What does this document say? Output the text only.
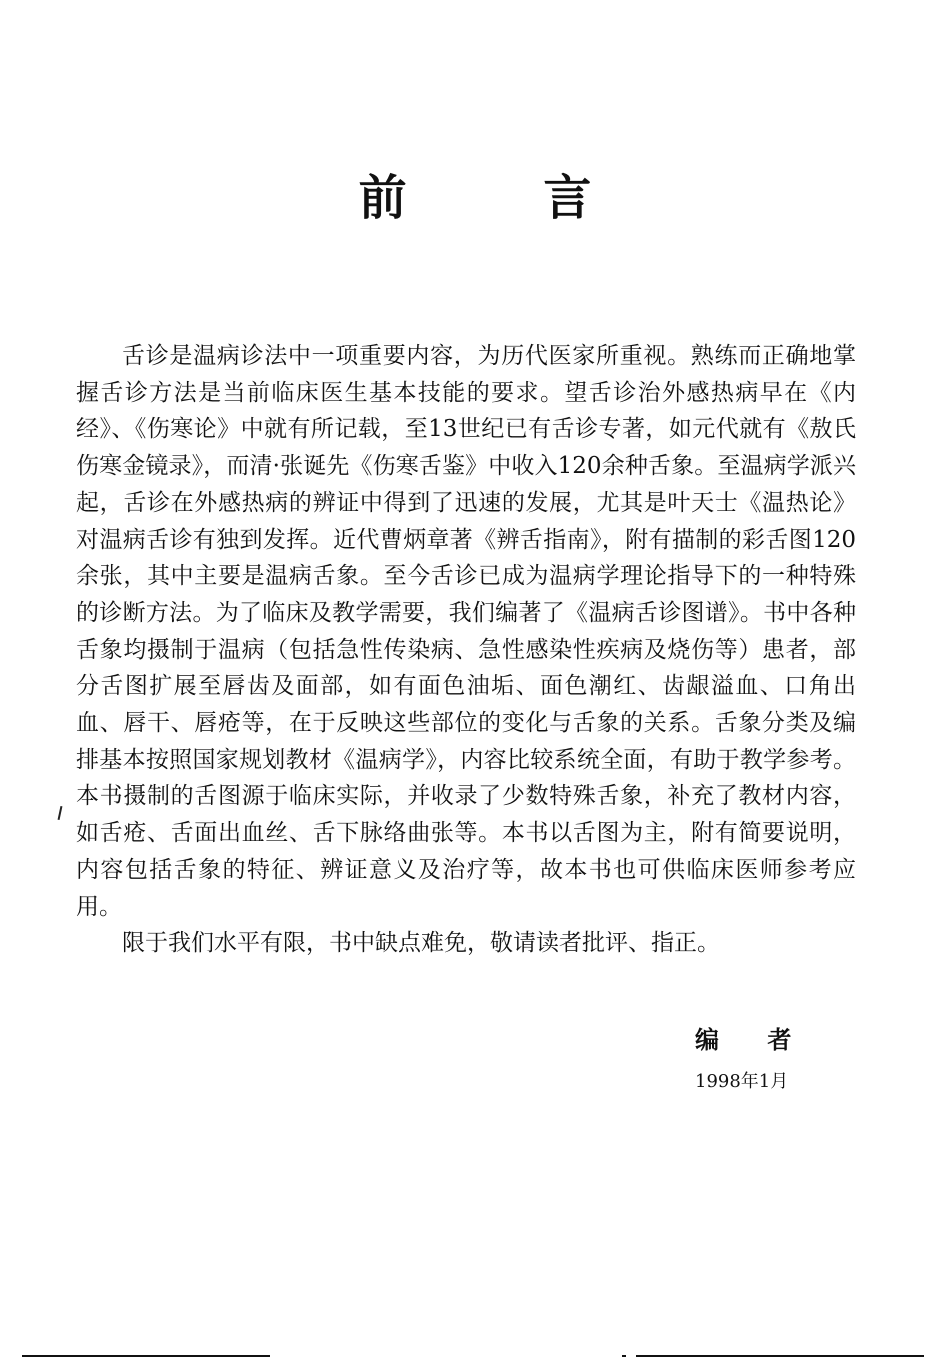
前 言

舌诊是温病诊法中一项重要内容，为历代医家所重视。熟练而正确地掌握舌诊方法是当前临床医生基本技能的要求。望舌诊治外感热病早在《内经》、《伤寒论》中就有所记载，至13世纪已有舌诊专著，如元代就有《敖氏伤寒金镜录》，而清·张诞先《伤寒舌鉴》中收入120余种舌象。至温病学派兴起，舌诊在外感热病的辨证中得到了迅速的发展，尤其是叶天士《温热论》对温病舌诊有独到发挥。近代曹炳章著《辨舌指南》，附有描制的彩舌图120余张，其中主要是温病舌象。至今舌诊已成为温病学理论指导下的一种特殊的诊断方法。为了临床及教学需要，我们编著了《温病舌诊图谱》。书中各种舌象均摄制于温病（包括急性传染病、急性感染性疾病及烧伤等）患者，部分舌图扩展至唇齿及面部，如有面色油垢、面色潮红、齿龈溢血、口角出血、唇干、唇疮等，在于反映这些部位的变化与舌象的关系。舌象分类及编排基本按照国家规划教材《温病学》，内容比较系统全面，有助于教学参考。本书摄制的舌图源于临床实际，并收录了少数特殊舌象，补充了教材内容，如舌疮、舌面出血丝、舌下脉络曲张等。本书以舌图为主，附有简要说明，内容包括舌象的特征、辨证意义及治疗等，故本书也可供临床医师参考应用。

限于我们水平有限，书中缺点难免，敬请读者批评、指正。

编 者
1998年1月
